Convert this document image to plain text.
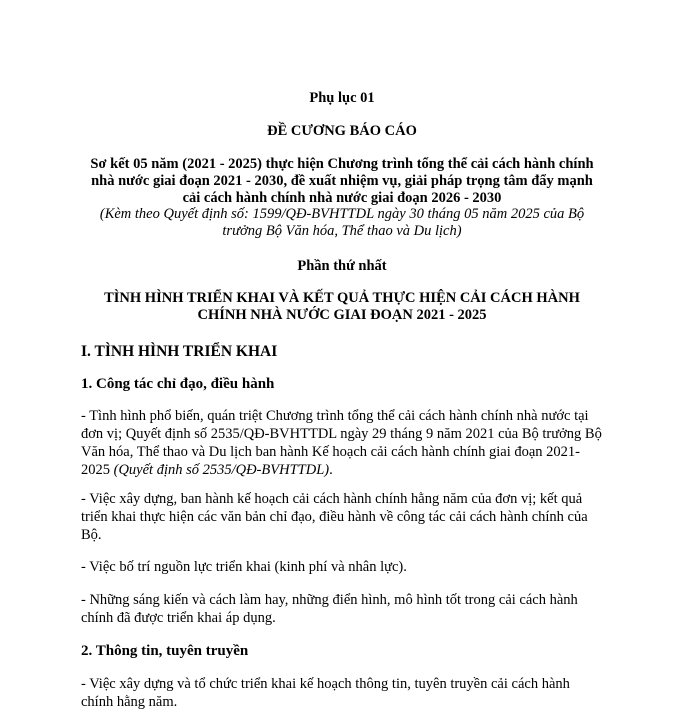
Phụ lục 01
ĐỀ CƯƠNG BÁO CÁO
Sơ kết 05 năm (2021 - 2025) thực hiện Chương trình tổng thể cải cách hành chính
nhà nước giai đoạn 2021 - 2030, đề xuất nhiệm vụ, giải pháp trọng tâm đẩy mạnh
cải cách hành chính nhà nước giai đoạn 2026 - 2030
(Kèm theo Quyết định số: 1599/QĐ-BVHTTDL ngày 30 tháng 05 năm 2025 của Bộ
trưởng Bộ Văn hóa, Thể thao và Du lịch)
Phần thứ nhất
TÌNH HÌNH TRIỂN KHAI VÀ KẾT QUẢ THỰC HIỆN CẢI CÁCH HÀNH
CHÍNH NHÀ NƯỚC GIAI ĐOẠN 2021 - 2025
I. TÌNH HÌNH TRIỂN KHAI
1. Công tác chỉ đạo, điều hành
- Tình hình phổ biến, quán triệt Chương trình tổng thể cải cách hành chính nhà nước tại
đơn vị; Quyết định số 2535/QĐ-BVHTTDL ngày 29 tháng 9 năm 2021 của Bộ trưởng Bộ
Văn hóa, Thể thao và Du lịch ban hành Kế hoạch cải cách hành chính giai đoạn 2021-
2025 (Quyết định số 2535/QĐ-BVHTTDL).
- Việc xây dựng, ban hành kế hoạch cải cách hành chính hằng năm của đơn vị; kết quả
triển khai thực hiện các văn bản chỉ đạo, điều hành về công tác cải cách hành chính của
Bộ.
- Việc bố trí nguồn lực triển khai (kinh phí và nhân lực).
- Những sáng kiến và cách làm hay, những điển hình, mô hình tốt trong cải cách hành
chính đã được triển khai áp dụng.
2. Thông tin, tuyên truyền
- Việc xây dựng và tổ chức triển khai kế hoạch thông tin, tuyên truyền cải cách hành
chính hằng năm.
